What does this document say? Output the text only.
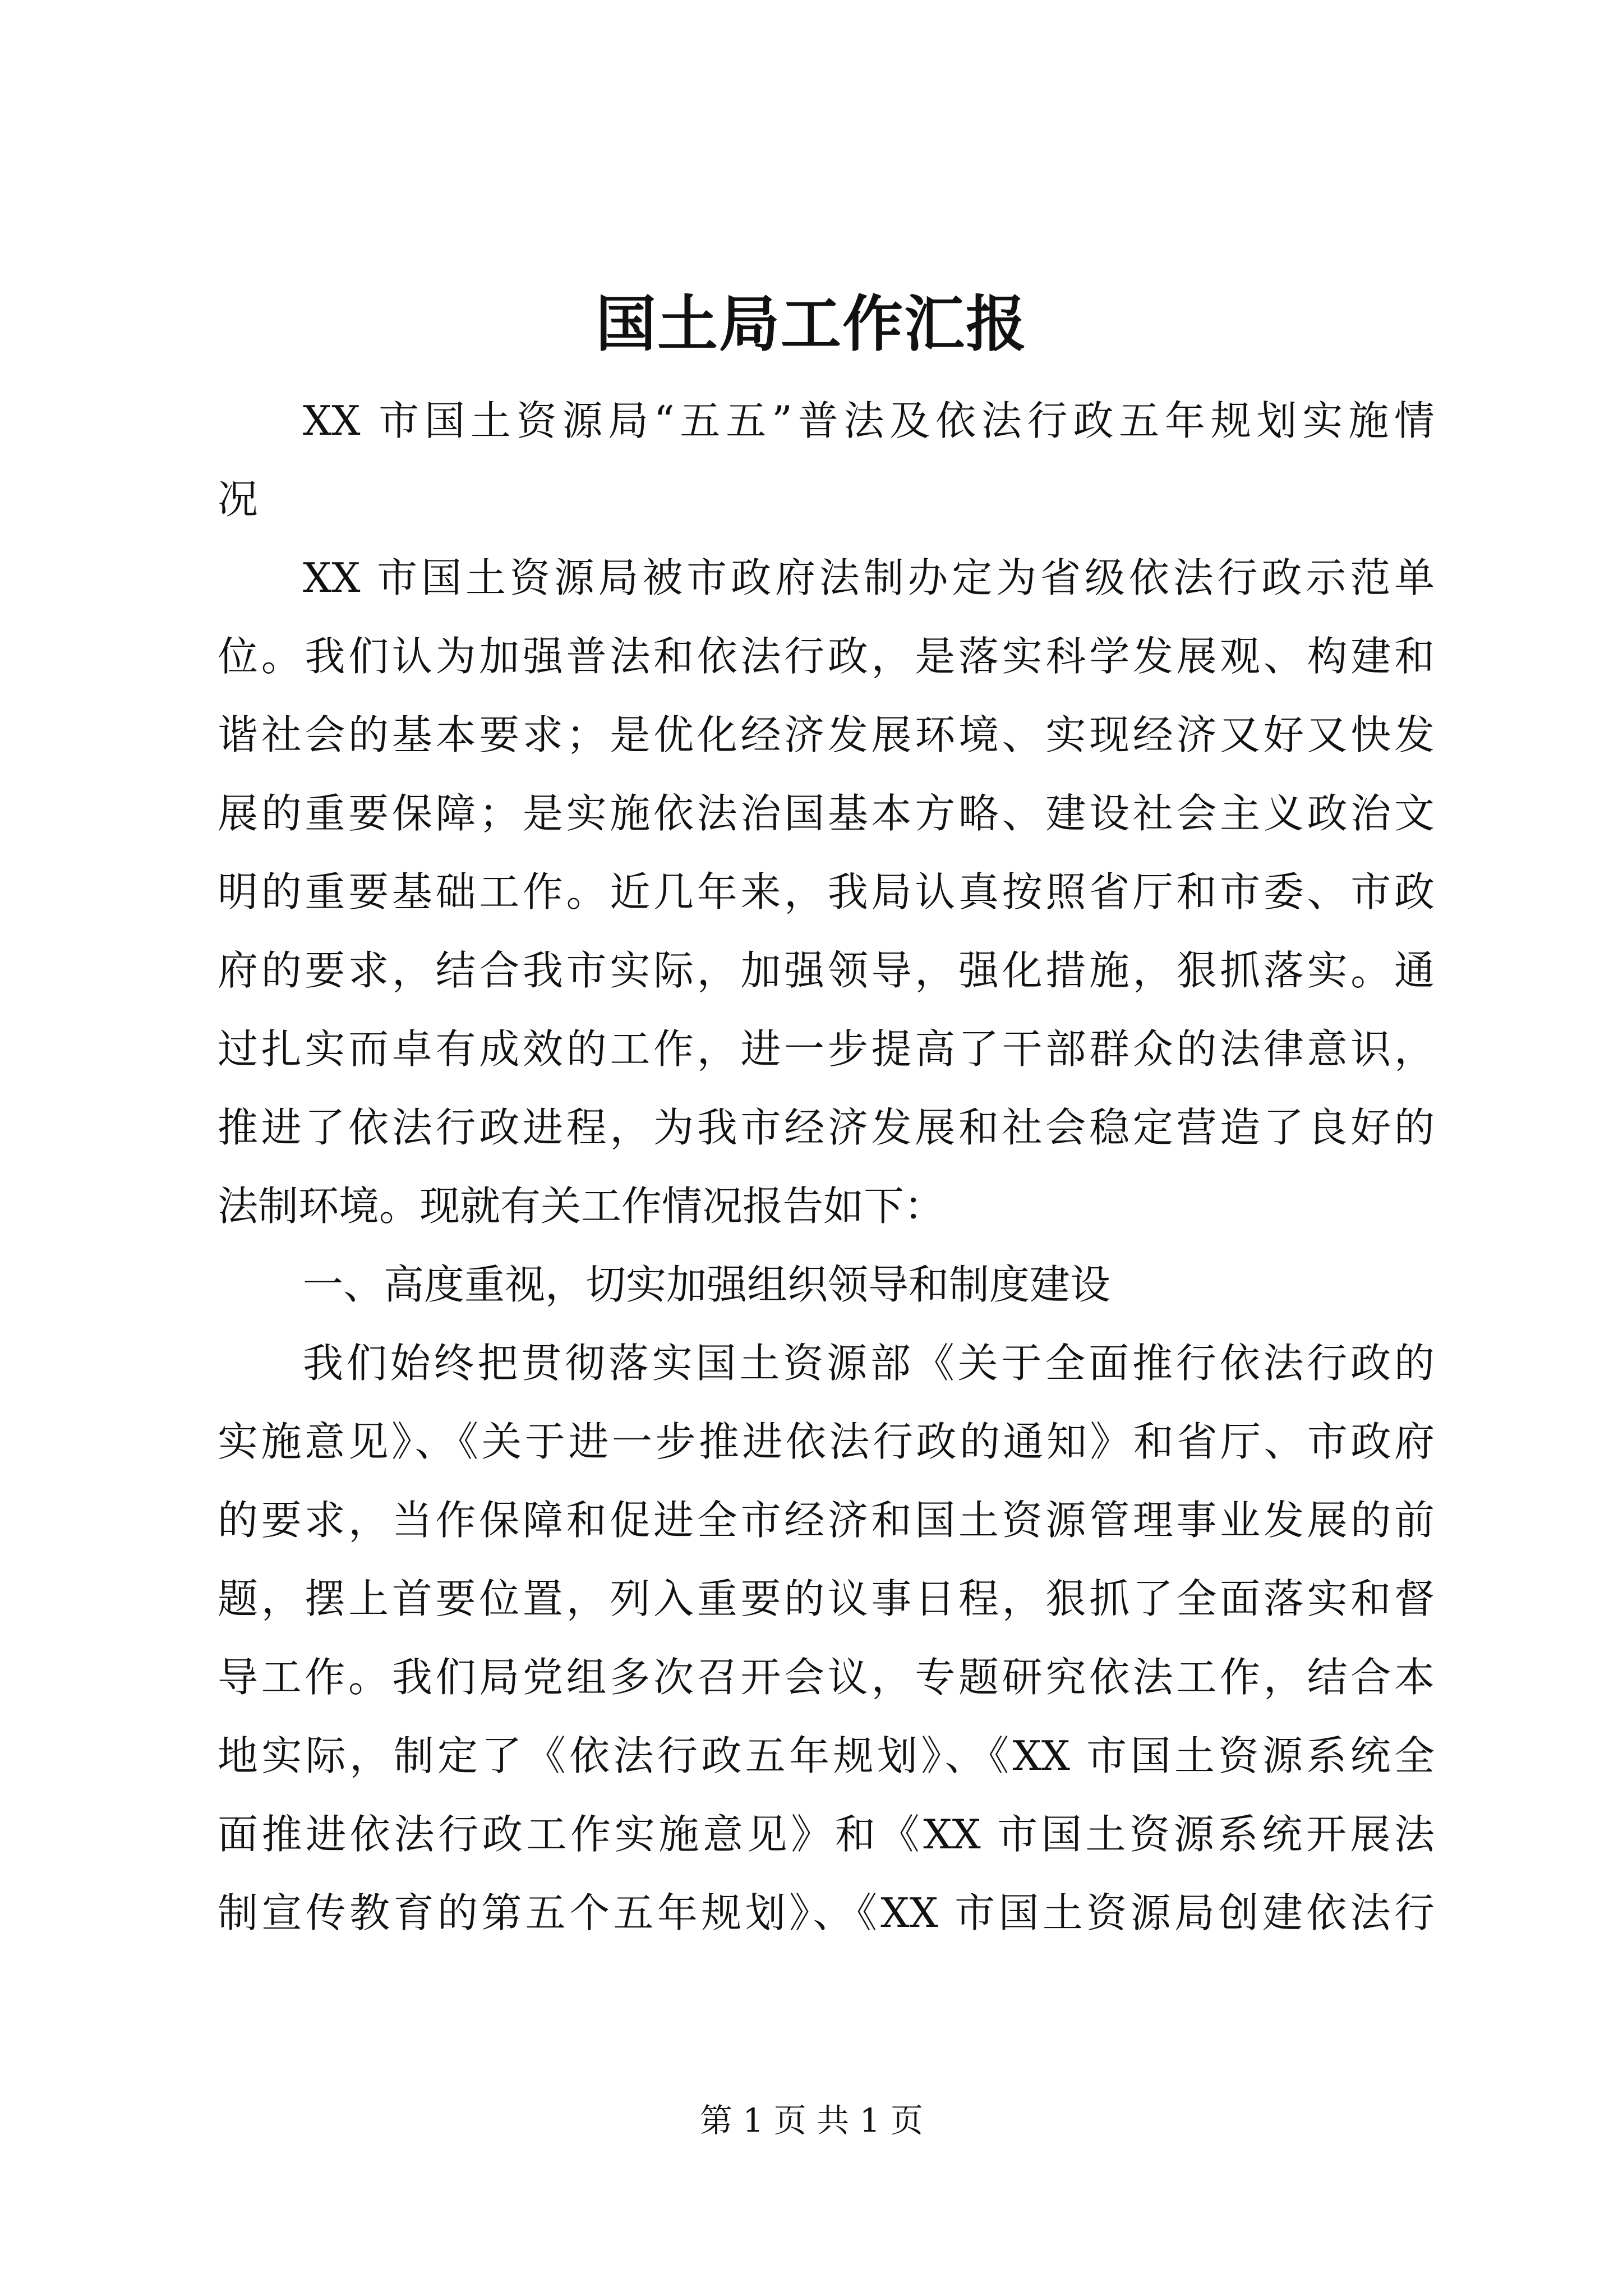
国土局工作汇报

XX 市国土资源局“五五”普法及依法行政五年规划实施情

况

XX 市国土资源局被市政府法制办定为省级依法行政示范单

位。我们认为加强普法和依法行政，是落实科学发展观、构建和

谐社会的基本要求；是优化经济发展环境、实现经济又好又快发

展的重要保障；是实施依法治国基本方略、建设社会主义政治文

明的重要基础工作。近几年来，我局认真按照省厅和市委、市政

府的要求，结合我市实际，加强领导，强化措施，狠抓落实。通

过扎实而卓有成效的工作，进一步提高了干部群众的法律意识，

推进了依法行政进程，为我市经济发展和社会稳定营造了良好的

法制环境。现就有关工作情况报告如下：

一、高度重视，切实加强组织领导和制度建设

我们始终把贯彻落实国土资源部《关于全面推行依法行政的

实施意见》、《关于进一步推进依法行政的通知》和省厅、市政府

的要求，当作保障和促进全市经济和国土资源管理事业发展的前

题，摆上首要位置，列入重要的议事日程，狠抓了全面落实和督

导工作。我们局党组多次召开会议，专题研究依法工作，结合本

地实际，制定了《依法行政五年规划》、《XX 市国土资源系统全

面推进依法行政工作实施意见》和《XX 市国土资源系统开展法

制宣传教育的第五个五年规划》、《XX 市国土资源局创建依法行

第 1 页 共 1 页
